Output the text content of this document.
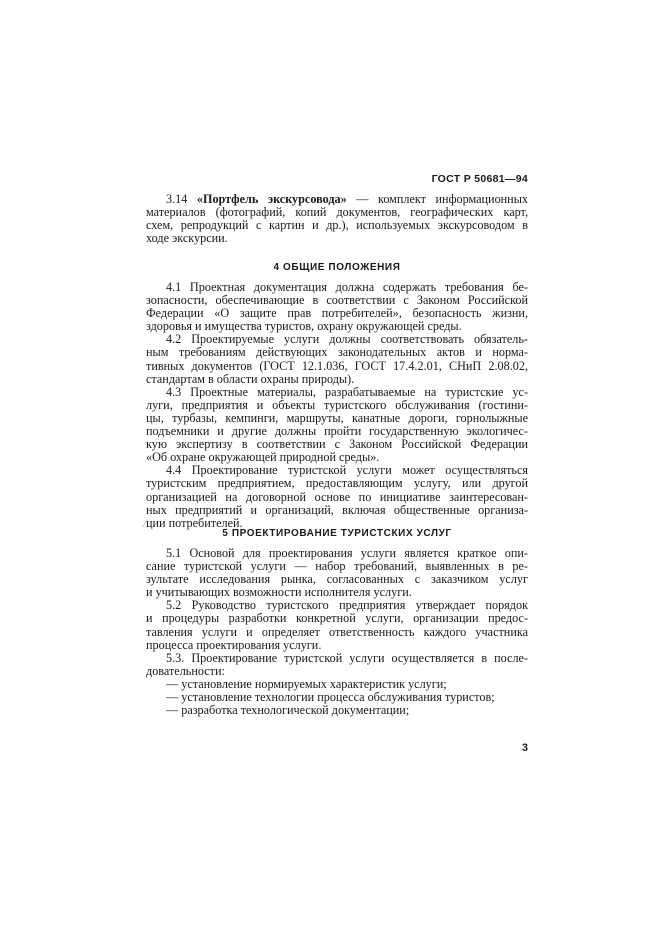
ГОСТ Р 50681—94
3.14 «Портфель экскурсовода» — комплект информационных
материалов (фотографий, копий документов, географических карт,
схем, репродукций с картин и др.), используемых экскурсоводом в
ходе экскурсии.
4 ОБЩИЕ ПОЛОЖЕНИЯ
4.1 Проектная документация должна содержать требования бе-
зопасности, обеспечивающие в соответствии с Законом Российской
Федерации «О защите прав потребителей», безопасность жизни,
здоровья и имущества туристов, охрану окружающей среды.
4.2 Проектируемые услуги должны соответствовать обязатель-
ным требованиям действующих законодательных актов и норма-
тивных документов (ГОСТ 12.1.036, ГОСТ 17.4.2.01, СНиП 2.08.02,
стандартам в области охраны природы).
4.3 Проектные материалы, разрабатываемые на туристские ус-
луги, предприятия и объекты туристского обслуживания (гостини-
цы, турбазы, кемпинги, маршруты, канатные дороги, горнолыжные
подъемники и другие должны пройти государственную экологичес-
кую экспертизу в соответствии с Законом Российской Федерации
«Об охране окружающей природной среды».
4.4 Проектирование туристской услуги может осуществляться
туристским предприятием, предоставляющим услугу, или другой
организацией на договорной основе по инициативе заинтересован-
ных предприятий и организаций, включая общественные организа-
ции потребителей.
⁄
5 ПРОЕКТИРОВАНИЕ ТУРИСТСКИХ УСЛУГ
5.1 Основой для проектирования услуги является краткое опи-
сание туристской услуги — набор требований, выявленных в ре-
зультате исследования рынка, согласованных с заказчиком услуг
и учитывающих возможности исполнителя услуги.
5.2 Руководство туристского предприятия утверждает порядок
и процедуры разработки конкретной услуги, организации предос-
тавления услуги и определяет ответственность каждого участника
процесса проектирования услуги.
5.3. Проектирование туристской услуги осуществляется в после-
довательности:
— установление нормируемых характеристик услуги;
— установление технологии процесса обслуживания туристов;
— разработка технологической документации;
3
